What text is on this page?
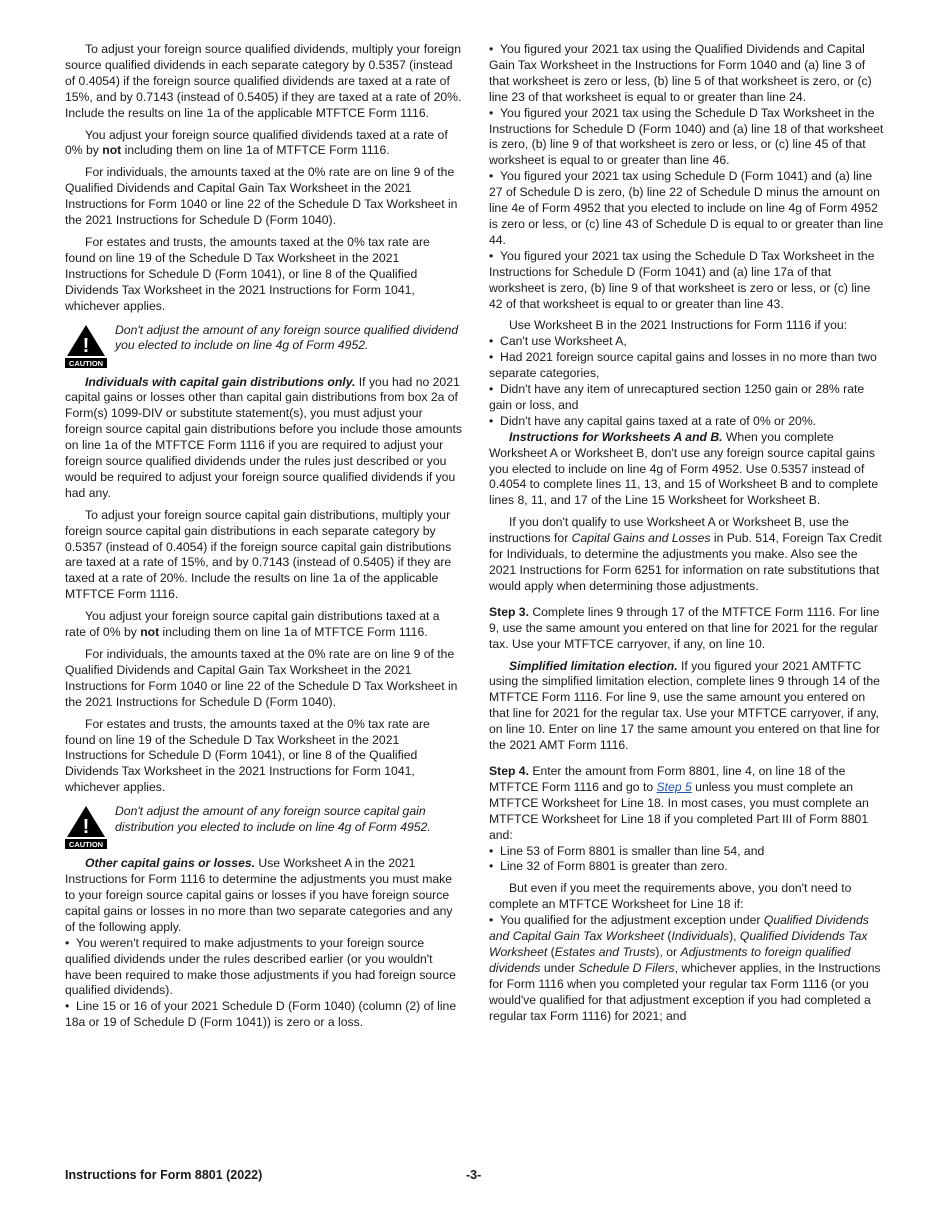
To adjust your foreign source qualified dividends, multiply your foreign source qualified dividends in each separate category by 0.5357 (instead of 0.4054) if the foreign source qualified dividends are taxed at a rate of 15%, and by 0.7143 (instead of 0.5405) if they are taxed at a rate of 20%. Include the results on line 1a of the applicable MTFTCE Form 1116.

You adjust your foreign source qualified dividends taxed at a rate of 0% by not including them on line 1a of MTFTCE Form 1116.

For individuals, the amounts taxed at the 0% rate are on line 9 of the Qualified Dividends and Capital Gain Tax Worksheet in the 2021 Instructions for Form 1040 or line 22 of the Schedule D Tax Worksheet in the 2021 Instructions for Schedule D (Form 1040).

For estates and trusts, the amounts taxed at the 0% tax rate are found on line 19 of the Schedule D Tax Worksheet in the 2021 Instructions for Schedule D (Form 1041), or line 8 of the Qualified Dividends Tax Worksheet in the 2021 Instructions for Form 1041, whichever applies.

!
CAUTION
Don't adjust the amount of any foreign source qualified dividend you elected to include on line 4g of Form 4952.

Individuals with capital gain distributions only. If you had no 2021 capital gains or losses other than capital gain distributions from box 2a of Form(s) 1099-DIV or substitute statement(s), you must adjust your foreign source capital gain distributions before you include those amounts on line 1a of the MTFTCE Form 1116 if you are required to adjust your foreign source qualified dividends under the rules just described or you would be required to adjust your foreign source qualified dividends if you had any.

To adjust your foreign source capital gain distributions, multiply your foreign source capital gain distributions in each separate category by 0.5357 (instead of 0.4054) if the foreign source capital gain distributions are taxed at a rate of 15%, and by 0.7143 (instead of 0.5405) if they are taxed at a rate of 20%. Include the results on line 1a of the applicable MTFTCE Form 1116.

You adjust your foreign source capital gain distributions taxed at a rate of 0% by not including them on line 1a of MTFTCE Form 1116.

For individuals, the amounts taxed at the 0% rate are on line 9 of the Qualified Dividends and Capital Gain Tax Worksheet in the 2021 Instructions for Form 1040 or line 22 of the Schedule D Tax Worksheet in the 2021 Instructions for Schedule D (Form 1040).

For estates and trusts, the amounts taxed at the 0% tax rate are found on line 19 of the Schedule D Tax Worksheet in the 2021 Instructions for Schedule D (Form 1041), or line 8 of the Qualified Dividends Tax Worksheet in the 2021 Instructions for Form 1041, whichever applies.

!
CAUTION
Don't adjust the amount of any foreign source capital gain distribution you elected to include on line 4g of Form 4952.

Other capital gains or losses. Use Worksheet A in the 2021 Instructions for Form 1116 to determine the adjustments you must make to your foreign source capital gains or losses if you have foreign source capital gains or losses in no more than two separate categories and any of the following apply.

•  You weren't required to make adjustments to your foreign source qualified dividends under the rules described earlier (or you wouldn't have been required to make those adjustments if you had foreign source qualified dividends).

•  Line 15 or 16 of your 2021 Schedule D (Form 1040) (column (2) of line 18a or 19 of Schedule D (Form 1041)) is zero or a loss.

•  You figured your 2021 tax using the Qualified Dividends and Capital Gain Tax Worksheet in the Instructions for Form 1040 and (a) line 3 of that worksheet is zero or less, (b) line 5 of that worksheet is zero, or (c) line 23 of that worksheet is equal to or greater than line 24.

•  You figured your 2021 tax using the Schedule D Tax Worksheet in the Instructions for Schedule D (Form 1040) and (a) line 18 of that worksheet is zero, (b) line 9 of that worksheet is zero or less, or (c) line 45 of that worksheet is equal to or greater than line 46.

•  You figured your 2021 tax using Schedule D (Form 1041) and (a) line 27 of Schedule D is zero, (b) line 22 of Schedule D minus the amount on line 4e of Form 4952 that you elected to include on line 4g of Form 4952 is zero or less, or (c) line 43 of Schedule D is equal to or greater than line 44.

•  You figured your 2021 tax using the Schedule D Tax Worksheet in the Instructions for Schedule D (Form 1041) and (a) line 17a of that worksheet is zero, (b) line 9 of that worksheet is zero or less, or (c) line 42 of that worksheet is equal to or greater than line 43.

Use Worksheet B in the 2021 Instructions for Form 1116 if you:

•  Can't use Worksheet A,

•  Had 2021 foreign source capital gains and losses in no more than two separate categories,

•  Didn't have any item of unrecaptured section 1250 gain or 28% rate gain or loss, and

•  Didn't have any capital gains taxed at a rate of 0% or 20%.

Instructions for Worksheets A and B. When you complete Worksheet A or Worksheet B, don't use any foreign source capital gains you elected to include on line 4g of Form 4952. Use 0.5357 instead of 0.4054 to complete lines 11, 13, and 15 of Worksheet B and to complete lines 8, 11, and 17 of the Line 15 Worksheet for Worksheet B.

If you don't qualify to use Worksheet A or Worksheet B, use the instructions for Capital Gains and Losses in Pub. 514, Foreign Tax Credit for Individuals, to determine the adjustments you make. Also see the 2021 Instructions for Form 6251 for information on rate substitutions that would apply when determining those adjustments.

Step 3. Complete lines 9 through 17 of the MTFTCE Form 1116. For line 9, use the same amount you entered on that line for 2021 for the regular tax. Use your MTFTCE carryover, if any, on line 10.

Simplified limitation election. If you figured your 2021 AMTFTC using the simplified limitation election, complete lines 9 through 14 of the MTFTCE Form 1116. For line 9, use the same amount you entered on that line for 2021 for the regular tax. Use your MTFTCE carryover, if any, on line 10. Enter on line 17 the same amount you entered on that line for the 2021 AMT Form 1116.

Step 4. Enter the amount from Form 8801, line 4, on line 18 of the MTFTCE Form 1116 and go to Step 5 unless you must complete an MTFTCE Worksheet for Line 18. In most cases, you must complete an MTFTCE Worksheet for Line 18 if you completed Part III of Form 8801 and:

•  Line 53 of Form 8801 is smaller than line 54, and

•  Line 32 of Form 8801 is greater than zero.

But even if you meet the requirements above, you don't need to complete an MTFTCE Worksheet for Line 18 if:

•  You qualified for the adjustment exception under Qualified Dividends and Capital Gain Tax Worksheet (Individuals), Qualified Dividends Tax Worksheet (Estates and Trusts), or Adjustments to foreign qualified dividends under Schedule D Filers, whichever applies, in the Instructions for Form 1116 when you completed your regular tax Form 1116 (or you would've qualified for that adjustment exception if you had completed a regular tax Form 1116) for 2021; and

Instructions for Form 8801 (2022)	-3-
